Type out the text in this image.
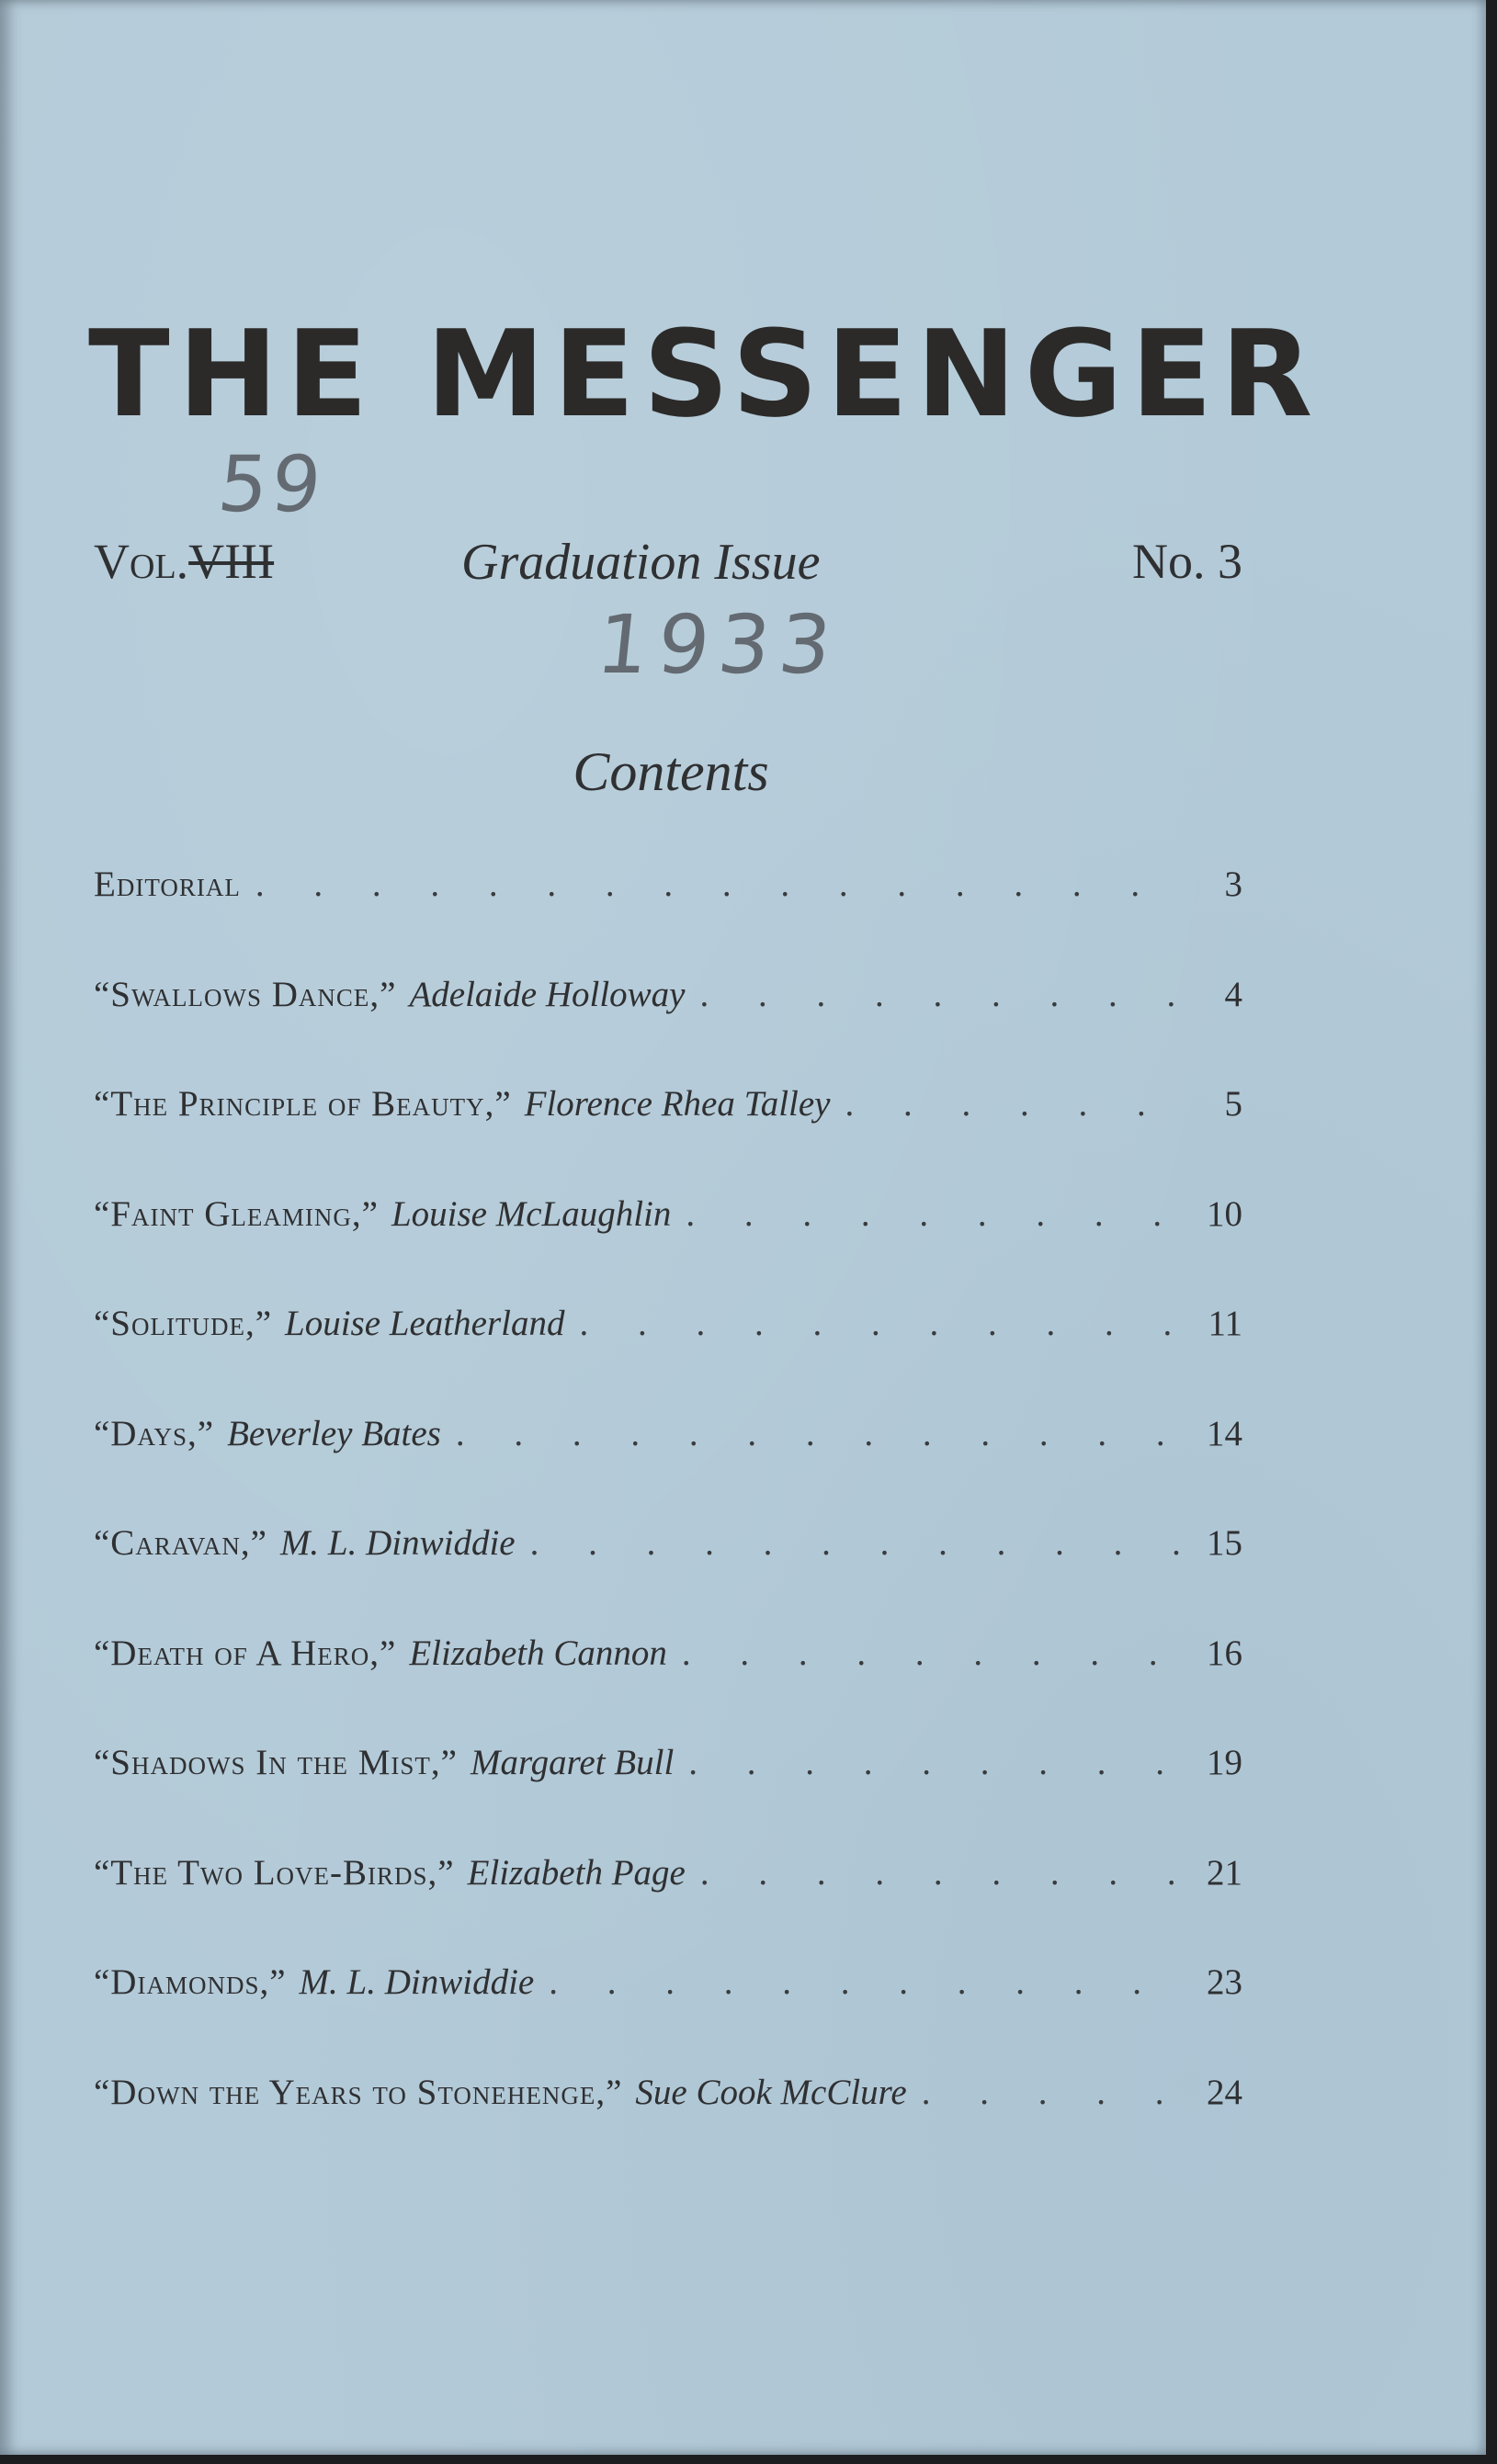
THE MESSENGER
59
Vol.VIII	Graduation Issue	No. 3
1933
Contents
Editorial . . .	3
“Swallows Dance,” Adelaide Holloway . . .	4
“The Principle of Beauty,” Florence Rhea Talley . . .	5
“Faint Gleaming,” Louise McLaughlin . . .	10
“Solitude,” Louise Leatherland . . .	11
“Days,” Beverley Bates . . .	14
“Caravan,” M. L. Dinwiddie . . .	15
“Death of A Hero,” Elizabeth Cannon . . .	16
“Shadows In the Mist,” Margaret Bull . . .	19
“The Two Love-Birds,” Elizabeth Page . . .	21
“Diamonds,” M. L. Dinwiddie . . .	23
“Down the Years to Stonehenge,” Sue Cook McClure . . .	24
